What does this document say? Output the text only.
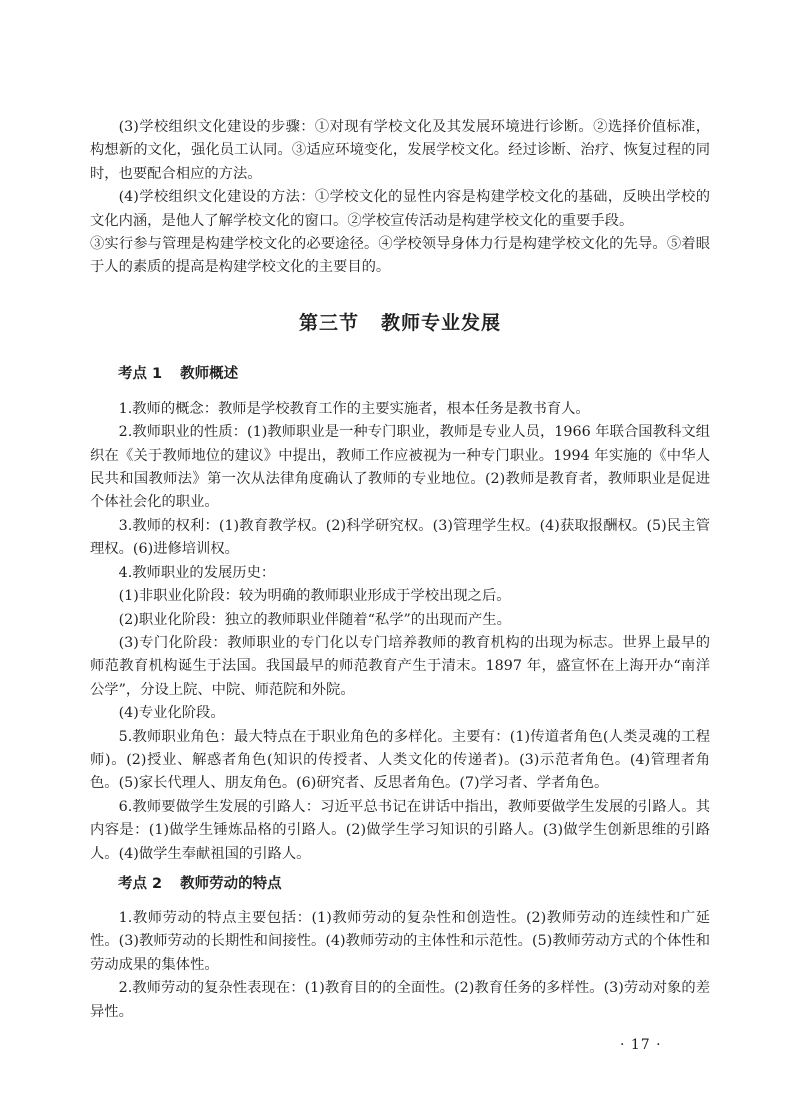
(3)学校组织文化建设的步骤：①对现有学校文化及其发展环境进行诊断。②选择价值标准，构想新的文化，强化员工认同。③适应环境变化，发展学校文化。经过诊断、治疗、恢复过程的同时，也要配合相应的方法。

(4)学校组织文化建设的方法：①学校文化的显性内容是构建学校文化的基础，反映出学校的文化内涵，是他人了解学校文化的窗口。②学校宣传活动是构建学校文化的重要手段。

③实行参与管理是构建学校文化的必要途径。④学校领导身体力行是构建学校文化的先导。⑤着眼于人的素质的提高是构建学校文化的主要目的。

第三节 教师专业发展
考点 1 教师概述

1.教师的概念：教师是学校教育工作的主要实施者，根本任务是教书育人。

2.教师职业的性质：(1)教师职业是一种专门职业，教师是专业人员，1966 年联合国教科文组织在《关于教师地位的建议》中提出，教师工作应被视为一种专门职业。1994 年实施的《中华人民共和国教师法》第一次从法律角度确认了教师的专业地位。(2)教师是教育者，教师职业是促进个体社会化的职业。

3.教师的权利：(1)教育教学权。(2)科学研究权。(3)管理学生权。(4)获取报酬权。(5)民主管理权。(6)进修培训权。

4.教师职业的发展历史：

(1)非职业化阶段：较为明确的教师职业形成于学校出现之后。

(2)职业化阶段：独立的教师职业伴随着“私学”的出现而产生。

(3)专门化阶段：教师职业的专门化以专门培养教师的教育机构的出现为标志。世界上最早的师范教育机构诞生于法国。我国最早的师范教育产生于清末。1897 年，盛宣怀在上海开办“南洋公学”，分设上院、中院、师范院和外院。

(4)专业化阶段。

5.教师职业角色：最大特点在于职业角色的多样化。主要有：(1)传道者角色(人类灵魂的工程师)。(2)授业、解惑者角色(知识的传授者、人类文化的传递者)。(3)示范者角色。(4)管理者角色。(5)家长代理人、朋友角色。(6)研究者、反思者角色。(7)学习者、学者角色。

6.教师要做学生发展的引路人：习近平总书记在讲话中指出，教师要做学生发展的引路人。其内容是：(1)做学生锤炼品格的引路人。(2)做学生学习知识的引路人。(3)做学生创新思维的引路人。(4)做学生奉献祖国的引路人。

考点 2 教师劳动的特点

1.教师劳动的特点主要包括：(1)教师劳动的复杂性和创造性。(2)教师劳动的连续性和广延性。(3)教师劳动的长期性和间接性。(4)教师劳动的主体性和示范性。(5)教师劳动方式的个体性和劳动成果的集体性。

2.教师劳动的复杂性表现在：(1)教育目的的全面性。(2)教育任务的多样性。(3)劳动对象的差异性。

· 17 ·
